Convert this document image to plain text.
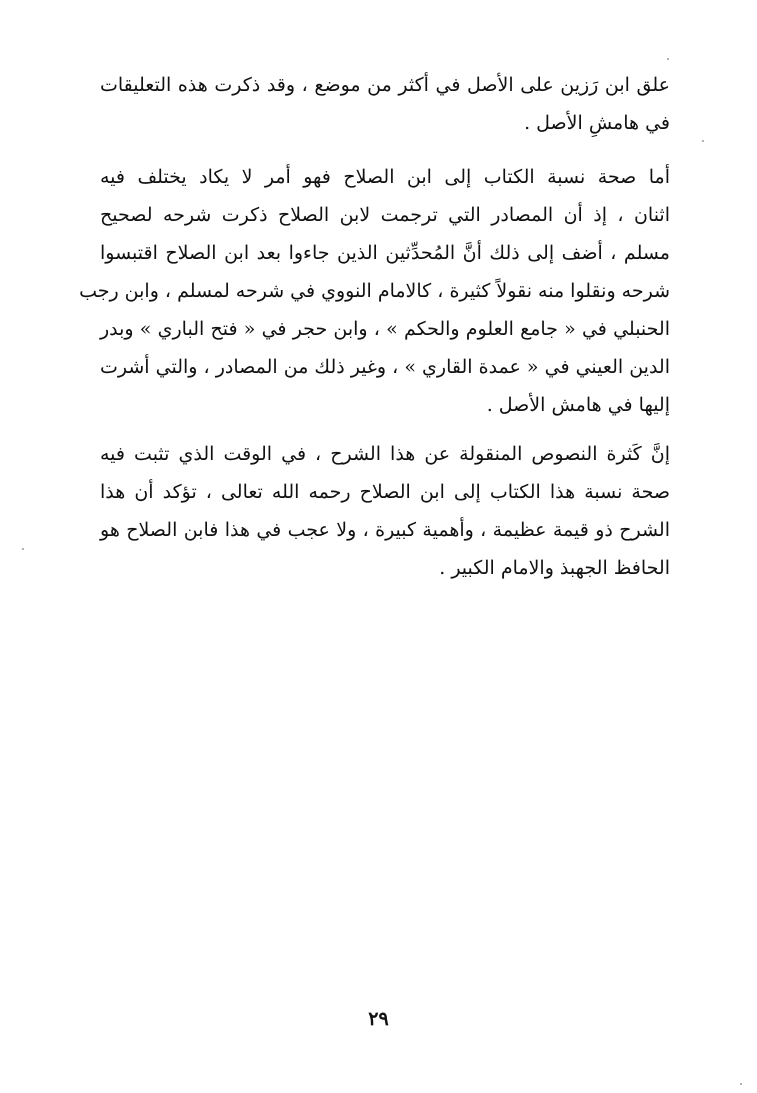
علق ابن رَزين على الأصل في أكثر من موضع ، وقد ذكرت هذه التعليقات
في هامشِ الأصل .
أما صحة نسبة الكتاب إلى ابن الصلاح فهو أمر لا يكاد يختلف فيه
اثنان ، إذ أن المصادر التي ترجمت لابن الصلاح ذكرت شرحه لصحيح
مسلم ، أضف إلى ذلك أنَّ المُحدِّثين الذين جاءوا بعد ابن الصلاح اقتبسوا
شرحه ونقلوا منه نقولاً كثيرة ، كالامام النووي في شرحه لمسلم ، وابن رجب
الحنبلي في « جامع العلوم والحكم » ، وابن حجر في « فتح الباري » وبدر
الدين العيني في « عمدة القاري » ، وغير ذلك من المصادر ، والتي أشرت
إليها في هامش الأصل .
إنَّ كَثرة النصوص المنقولة عن هذا الشرح ، في الوقت الذي تثبت فيه
صحة نسبة هذا الكتاب إلى ابن الصلاح رحمه الله تعالى ، تؤكد أن هذا
الشرح ذو قيمة عظيمة ، وأهمية كبيرة ، ولا عجب في هذا فابن الصلاح هو
الحافظ الجهبذ والامام الكبير .
٢٩
